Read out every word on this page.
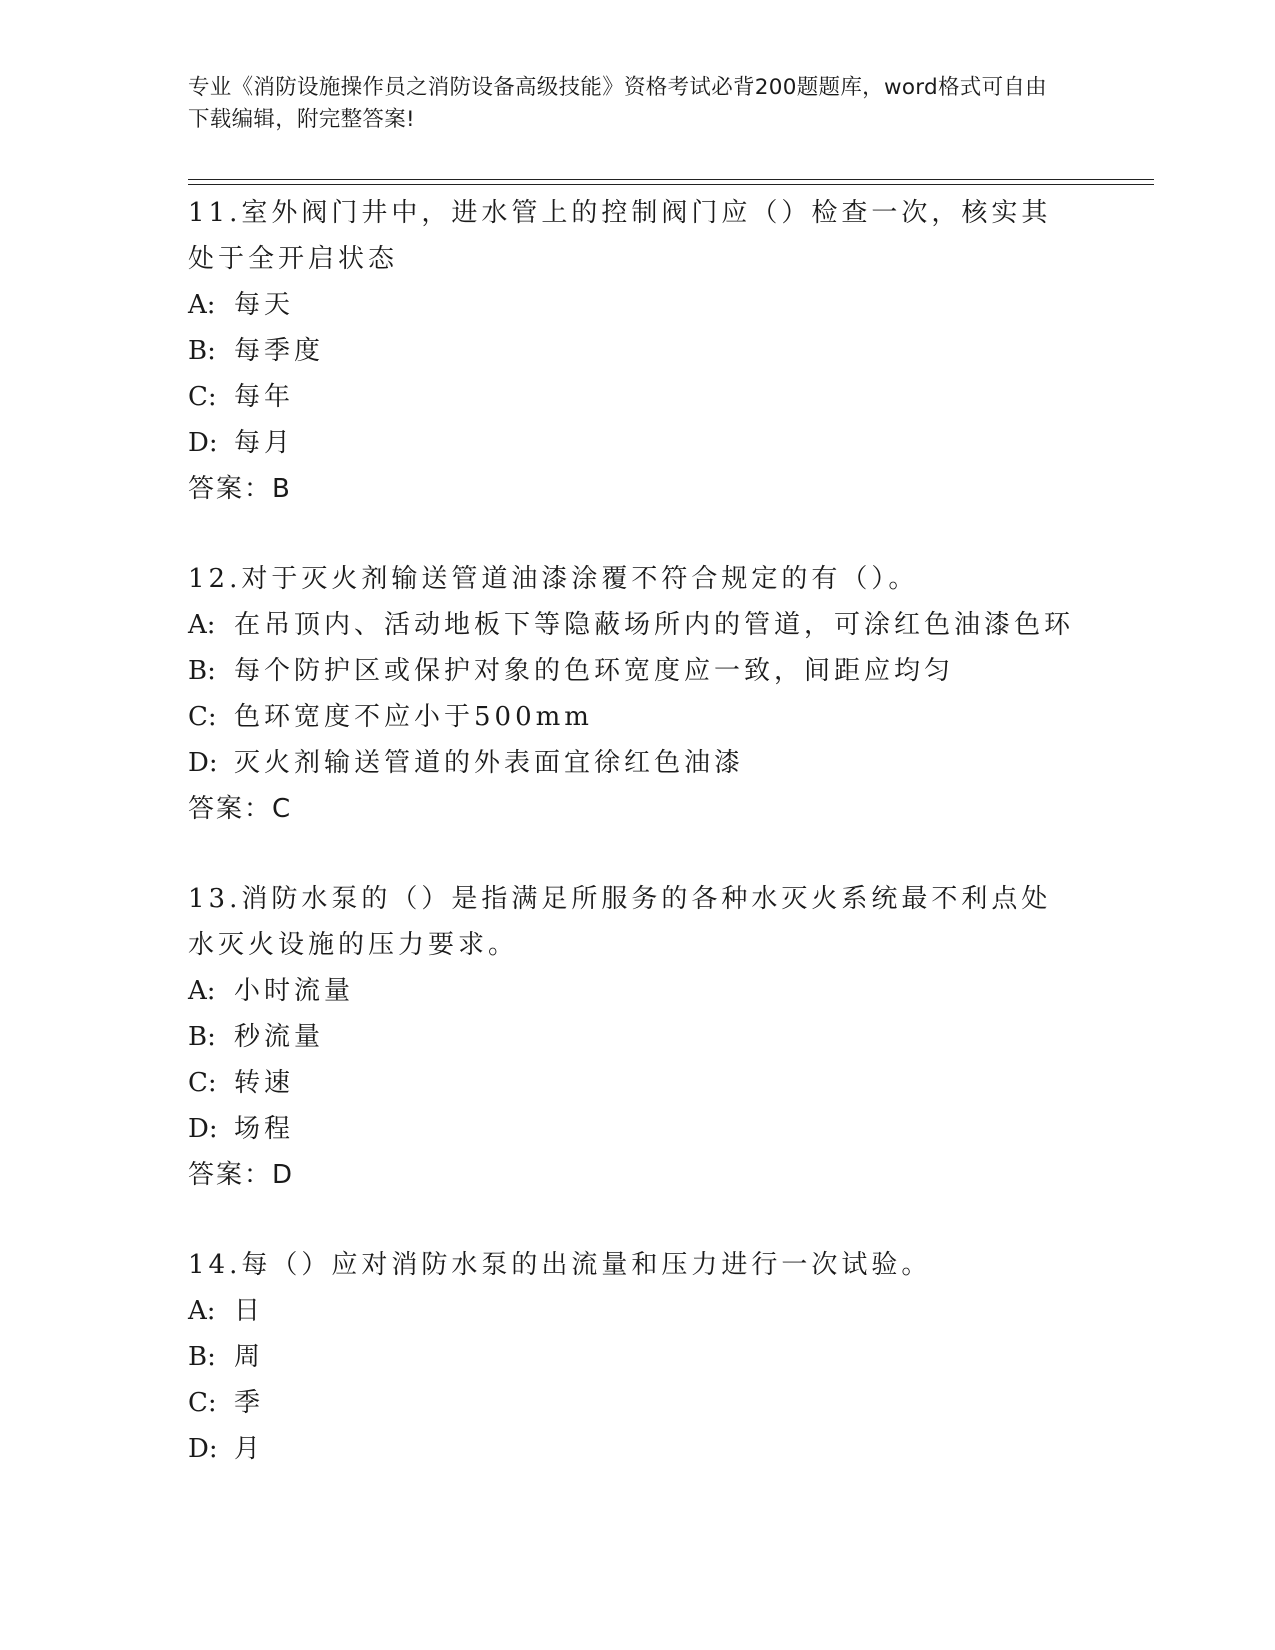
专业《消防设施操作员之消防设备高级技能》资格考试必背200题题库，word格式可自由下载编辑，附完整答案!
11.室外阀门井中，进水管上的控制阀门应（）检查一次，核实其处于全开启状态
A: 每天
B: 每季度
C: 每年
D: 每月
答案：B
12.对于灭火剂输送管道油漆涂覆不符合规定的有（）。
A: 在吊顶内、活动地板下等隐蔽场所内的管道，可涂红色油漆色环
B: 每个防护区或保护对象的色环宽度应一致，间距应均匀
C: 色环宽度不应小于500mm
D: 灭火剂输送管道的外表面宜徐红色油漆
答案：C
13.消防水泵的（）是指满足所服务的各种水灭火系统最不利点处水灭火设施的压力要求。
A: 小时流量
B: 秒流量
C: 转速
D: 场程
答案：D
14.每（）应对消防水泵的出流量和压力进行一次试验。
A: 日
B: 周
C: 季
D: 月
